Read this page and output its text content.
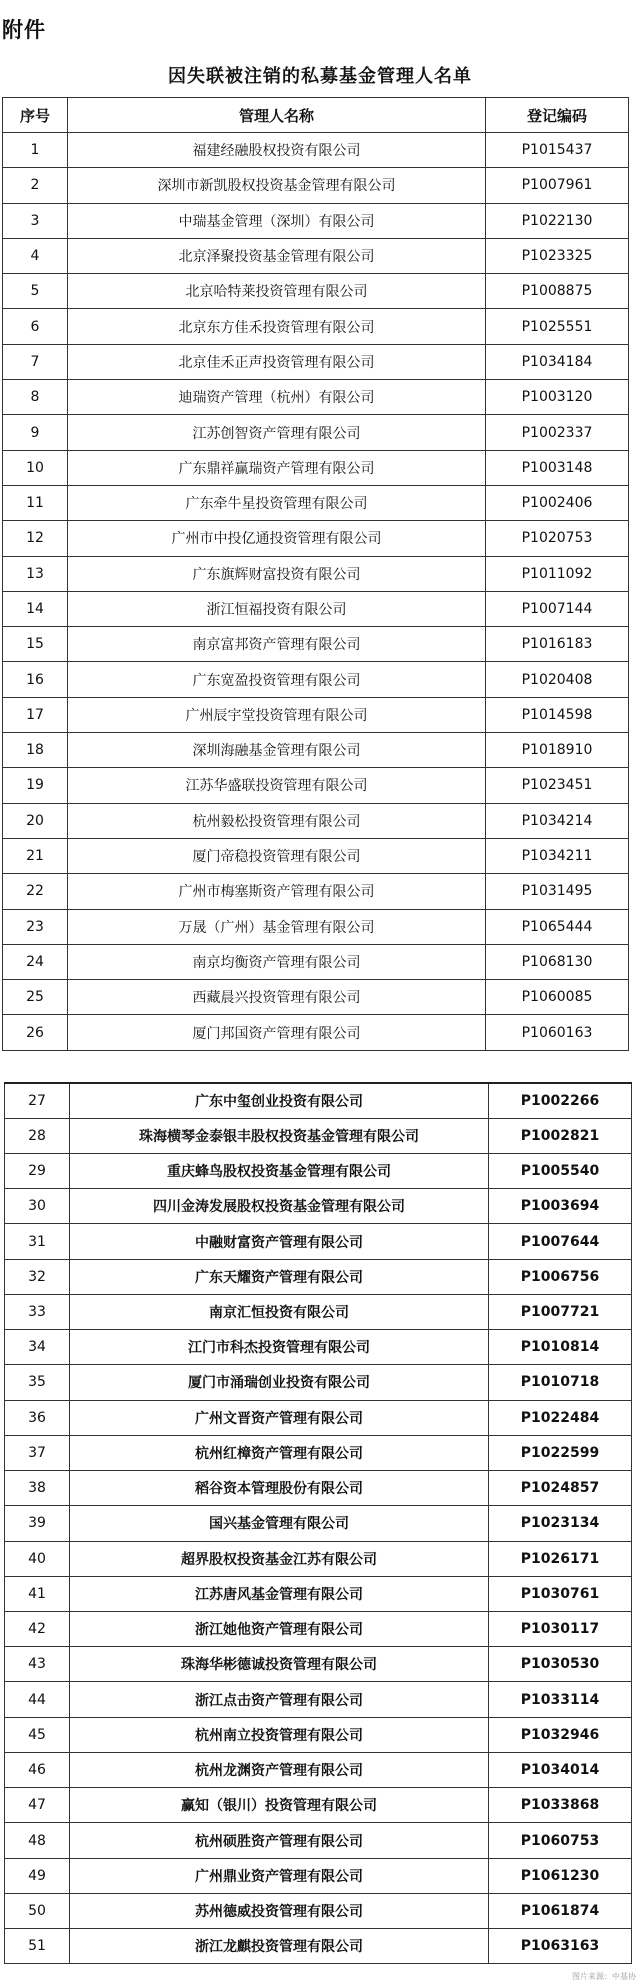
附件
因失联被注销的私募基金管理人名单
序号	管理人名称	登记编码
1	福建经融股权投资有限公司	P1015437
2	深圳市新凯股权投资基金管理有限公司	P1007961
3	中瑞基金管理（深圳）有限公司	P1022130
4	北京泽聚投资基金管理有限公司	P1023325
5	北京哈特莱投资管理有限公司	P1008875
6	北京东方佳禾投资管理有限公司	P1025551
7	北京佳禾正声投资管理有限公司	P1034184
8	迪瑞资产管理（杭州）有限公司	P1003120
9	江苏创智资产管理有限公司	P1002337
10	广东鼎祥赢瑞资产管理有限公司	P1003148
11	广东牵牛星投资管理有限公司	P1002406
12	广州市中投亿通投资管理有限公司	P1020753
13	广东旗辉财富投资有限公司	P1011092
14	浙江恒福投资有限公司	P1007144
15	南京富邦资产管理有限公司	P1016183
16	广东宽盈投资管理有限公司	P1020408
17	广州辰宇堂投资管理有限公司	P1014598
18	深圳海融基金管理有限公司	P1018910
19	江苏华盛联投资管理有限公司	P1023451
20	杭州毅松投资管理有限公司	P1034214
21	厦门帝稳投资管理有限公司	P1034211
22	广州市梅塞斯资产管理有限公司	P1031495
23	万晟（广州）基金管理有限公司	P1065444
24	南京均衡资产管理有限公司	P1068130
25	西藏晨兴投资管理有限公司	P1060085
26	厦门邦国资产管理有限公司	P1060163
27	广东中玺创业投资有限公司	P1002266
28	珠海横琴金泰银丰股权投资基金管理有限公司	P1002821
29	重庆蜂鸟股权投资基金管理有限公司	P1005540
30	四川金涛发展股权投资基金管理有限公司	P1003694
31	中融财富资产管理有限公司	P1007644
32	广东天耀资产管理有限公司	P1006756
33	南京汇恒投资有限公司	P1007721
34	江门市科杰投资管理有限公司	P1010814
35	厦门市涌瑞创业投资有限公司	P1010718
36	广州文晋资产管理有限公司	P1022484
37	杭州红樟资产管理有限公司	P1022599
38	稻谷资本管理股份有限公司	P1024857
39	国兴基金管理有限公司	P1023134
40	超界股权投资基金江苏有限公司	P1026171
41	江苏唐风基金管理有限公司	P1030761
42	浙江她他资产管理有限公司	P1030117
43	珠海华彬德诚投资管理有限公司	P1030530
44	浙江点击资产管理有限公司	P1033114
45	杭州南立投资管理有限公司	P1032946
46	杭州龙渊资产管理有限公司	P1034014
47	赢知（银川）投资管理有限公司	P1033868
48	杭州硕胜资产管理有限公司	P1060753
49	广州鼎业资产管理有限公司	P1061230
50	苏州德威投资管理有限公司	P1061874
51	浙江龙麒投资管理有限公司	P1063163
图片来源：中基协
